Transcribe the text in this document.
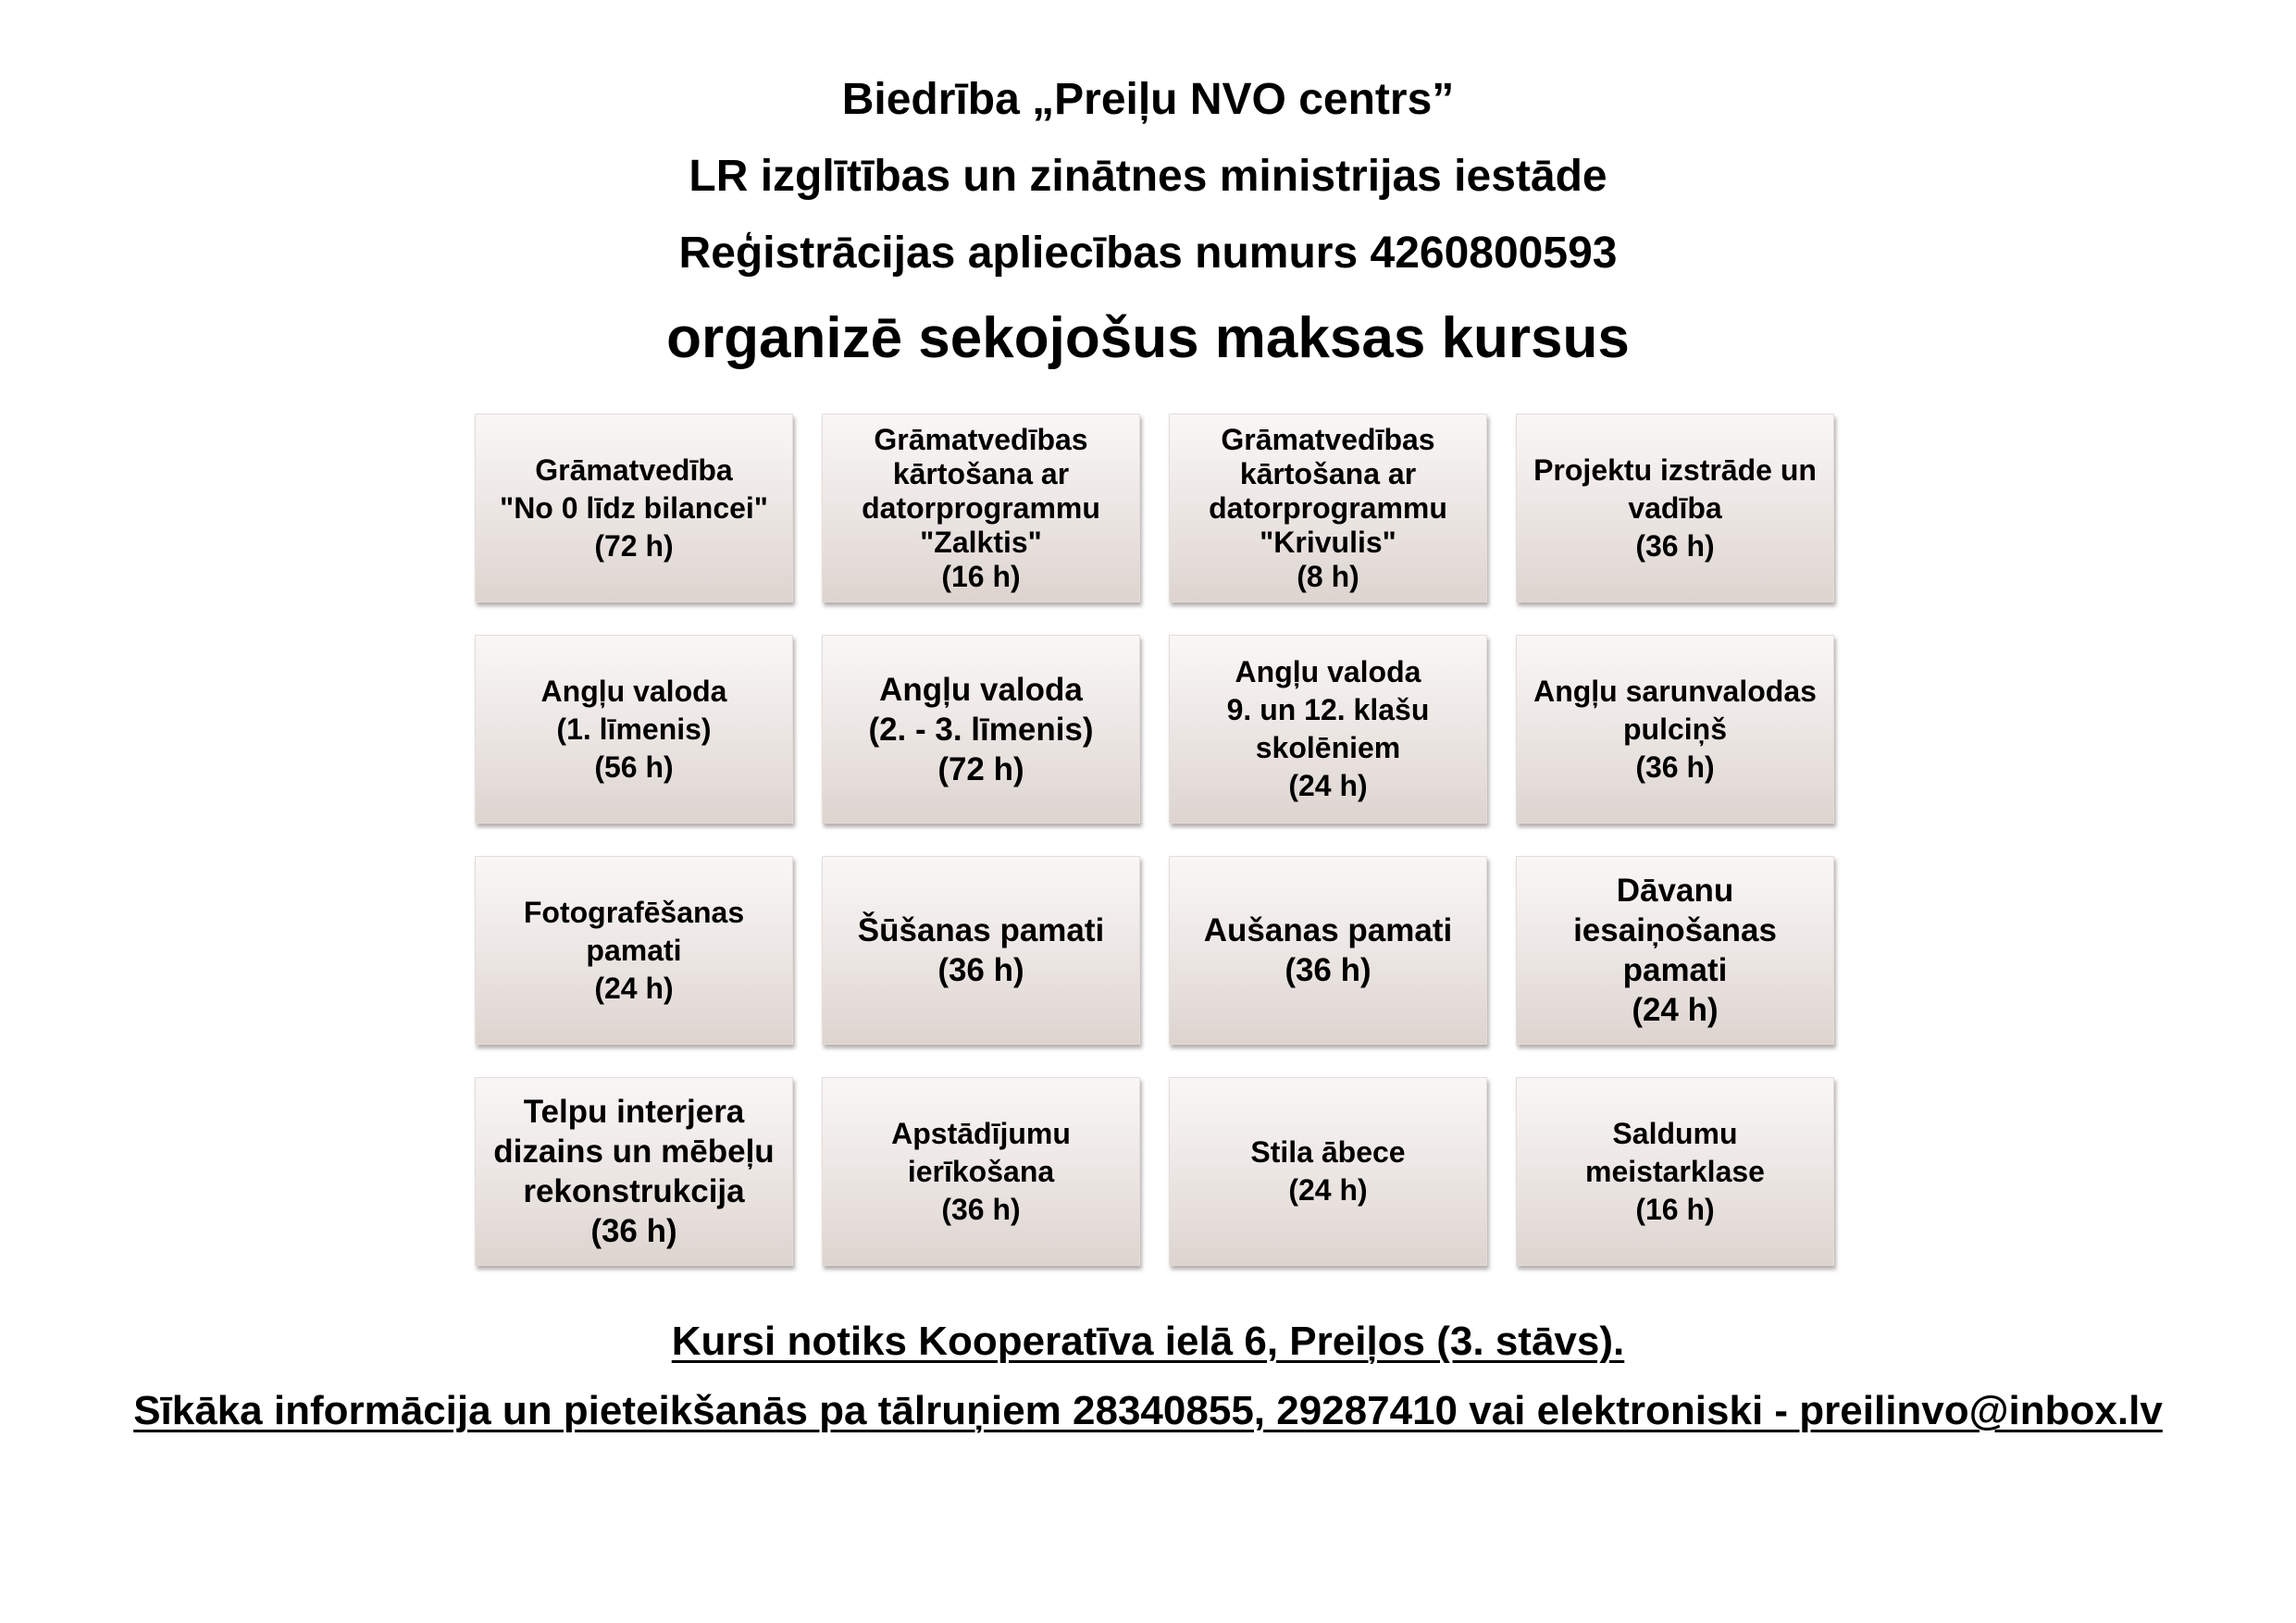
Biedrība „Preiļu NVO centrs”
LR izglītības un zinātnes ministrijas iestāde
Reģistrācijas apliecības numurs 4260800593
organizē sekojošus maksas kursus
Grāmatvedība
"No 0 līdz bilancei"
(72 h)
Grāmatvedības
kārtošana ar
datorprogrammu
"Zalktis"
(16 h)
Grāmatvedības
kārtošana ar
datorprogrammu
"Krivulis"
(8 h)
Projektu izstrāde un
vadība
(36 h)
Angļu valoda
(1. līmenis)
(56 h)
Angļu valoda
(2. - 3. līmenis)
(72 h)
Angļu valoda
9. un 12. klašu
skolēniem
(24 h)
Angļu sarunvalodas
pulciņš
(36 h)
Fotografēšanas
pamati
(24 h)
Šūšanas pamati
(36 h)
Aušanas pamati
(36 h)
Dāvanu
iesaiņošanas
pamati
(24 h)
Telpu interjera
dizains un mēbeļu
rekonstrukcija
(36 h)
Apstādījumu
ierīkošana
(36 h)
Stila ābece
(24 h)
Saldumu
meistarklase
(16 h)
Kursi notiks Kooperatīva ielā 6, Preiļos (3. stāvs).
Sīkāka informācija un pieteikšanās pa tālruņiem 28340855, 29287410 vai elektroniski - preilinvo@inbox.lv
